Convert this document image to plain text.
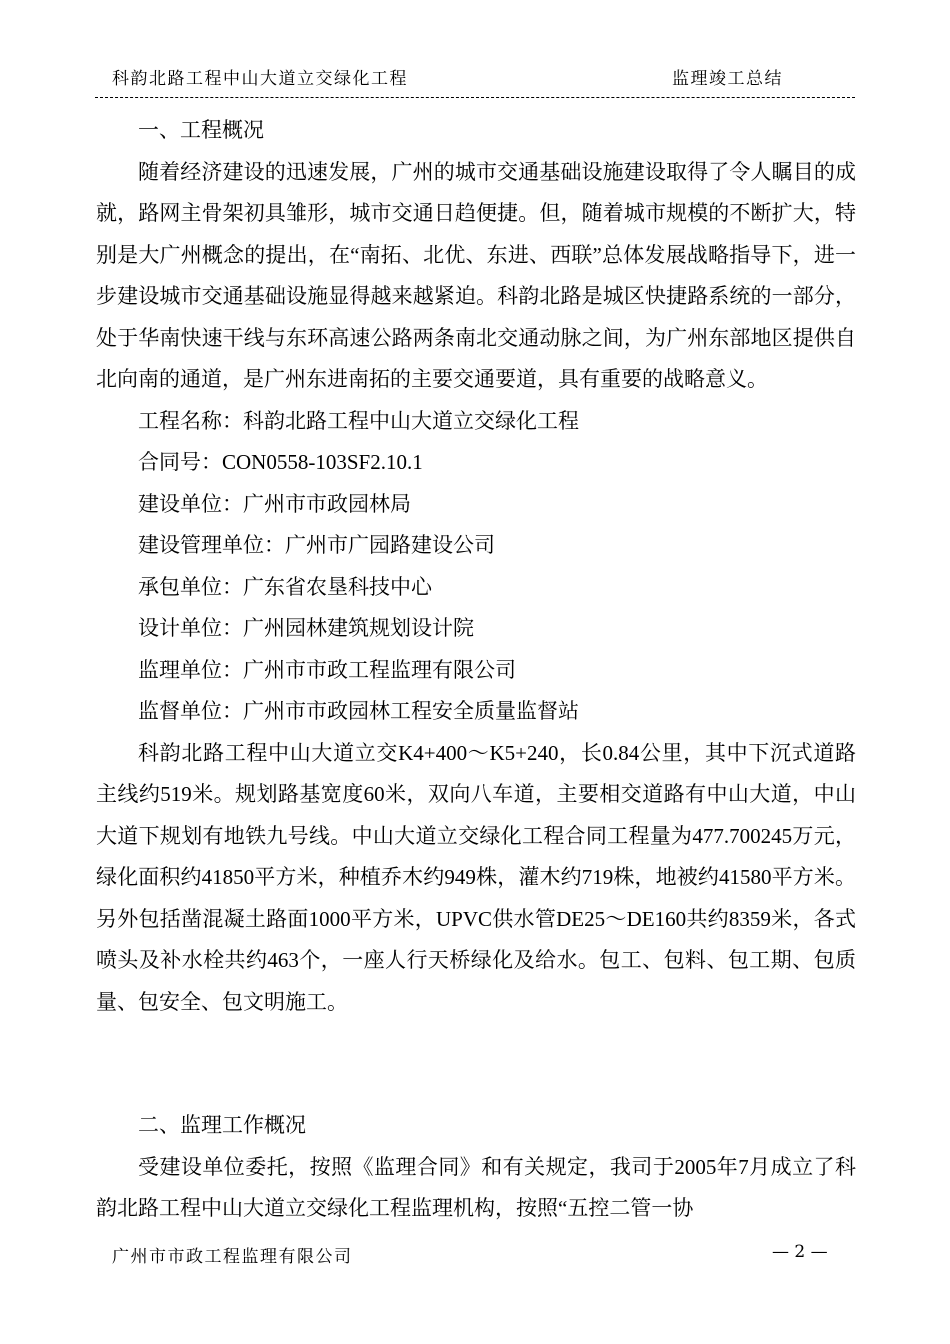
科韵北路工程中山大道立交绿化工程	监理竣工总结

一、工程概况

随着经济建设的迅速发展，广州的城市交通基础设施建设取得了令人瞩目的成就，路网主骨架初具雏形，城市交通日趋便捷。但，随着城市规模的不断扩大，特别是大广州概念的提出，在“南拓、北优、东进、西联”总体发展战略指导下，进一步建设城市交通基础设施显得越来越紧迫。科韵北路是城区快捷路系统的一部分，处于华南快速干线与东环高速公路两条南北交通动脉之间，为广州东部地区提供自北向南的通道，是广州东进南拓的主要交通要道，具有重要的战略意义。

工程名称：科韵北路工程中山大道立交绿化工程

合同号：CON0558-103SF2.10.1

建设单位：广州市市政园林局

建设管理单位：广州市广园路建设公司

承包单位：广东省农垦科技中心

设计单位：广州园林建筑规划设计院

监理单位：广州市市政工程监理有限公司

监督单位：广州市市政园林工程安全质量监督站

科韵北路工程中山大道立交K4+400～K5+240，长0.84公里，其中下沉式道路主线约519米。规划路基宽度60米，双向八车道，主要相交道路有中山大道，中山大道下规划有地铁九号线。中山大道立交绿化工程合同工程量为477.700245万元，绿化面积约41850平方米，种植乔木约949株，灌木约719株，地被约41580平方米。另外包括凿混凝土路面1000平方米，UPVC供水管DE25～DE160共约8359米，各式喷头及补水栓共约463个，一座人行天桥绿化及给水。包工、包料、包工期、包质量、包安全、包文明施工。

二、监理工作概况

受建设单位委托，按照《监理合同》和有关规定，我司于2005年7月成立了科韵北路工程中山大道立交绿化工程监理机构，按照“五控二管一协

广州市市政工程监理有限公司	— 2 —
